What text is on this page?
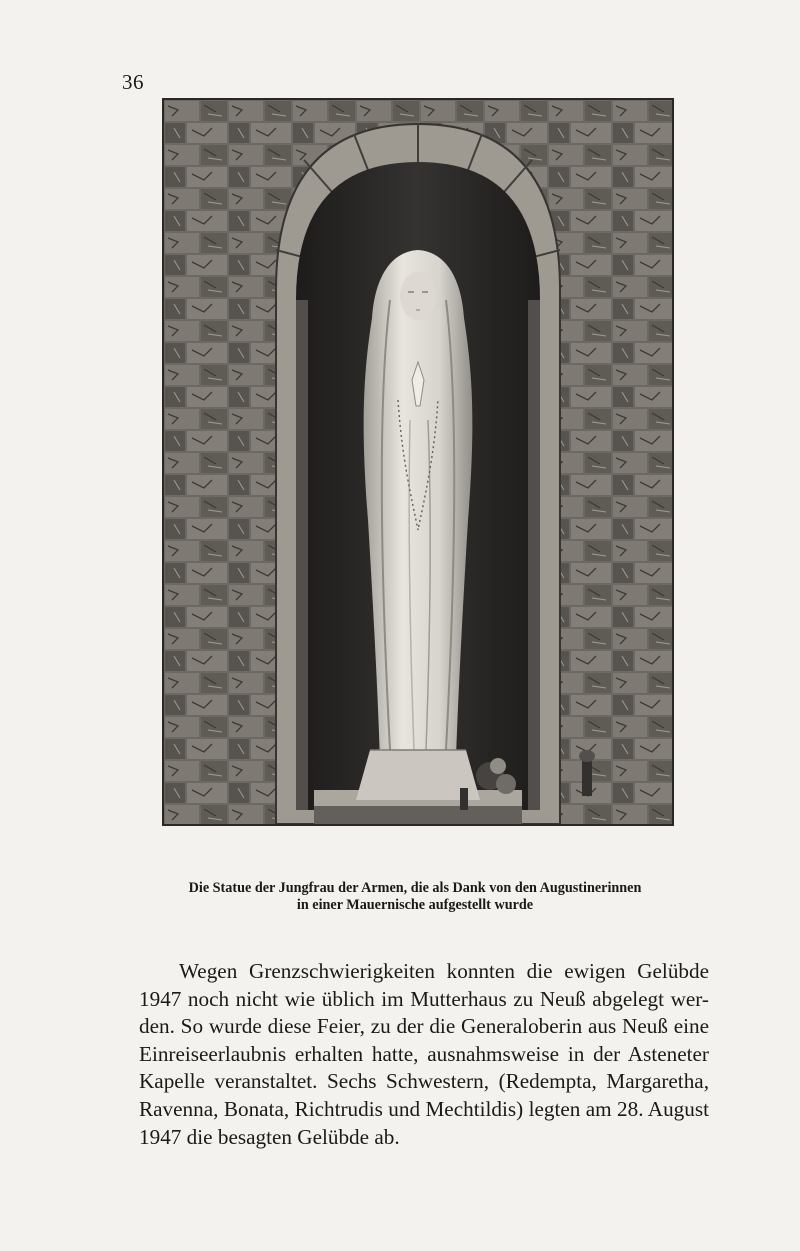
36
Die Statue der Jungfrau der Armen, die als Dank von den Augustinerinnen
in einer Mauernische aufgestellt wurde
Wegen Grenzschwierigkeiten konnten die ewigen Gelübde
1947 noch nicht wie üblich im Mutterhaus zu Neuß abgelegt wer-
den. So wurde diese Feier, zu der die Generaloberin aus Neuß eine
Einreiseerlaubnis erhalten hatte, ausnahmsweise in der Asteneter
Kapelle veranstaltet. Sechs Schwestern, (Redempta, Margaretha,
Ravenna, Bonata, Richtrudis und Mechtildis) legten am 28. August
1947 die besagten Gelübde ab.
